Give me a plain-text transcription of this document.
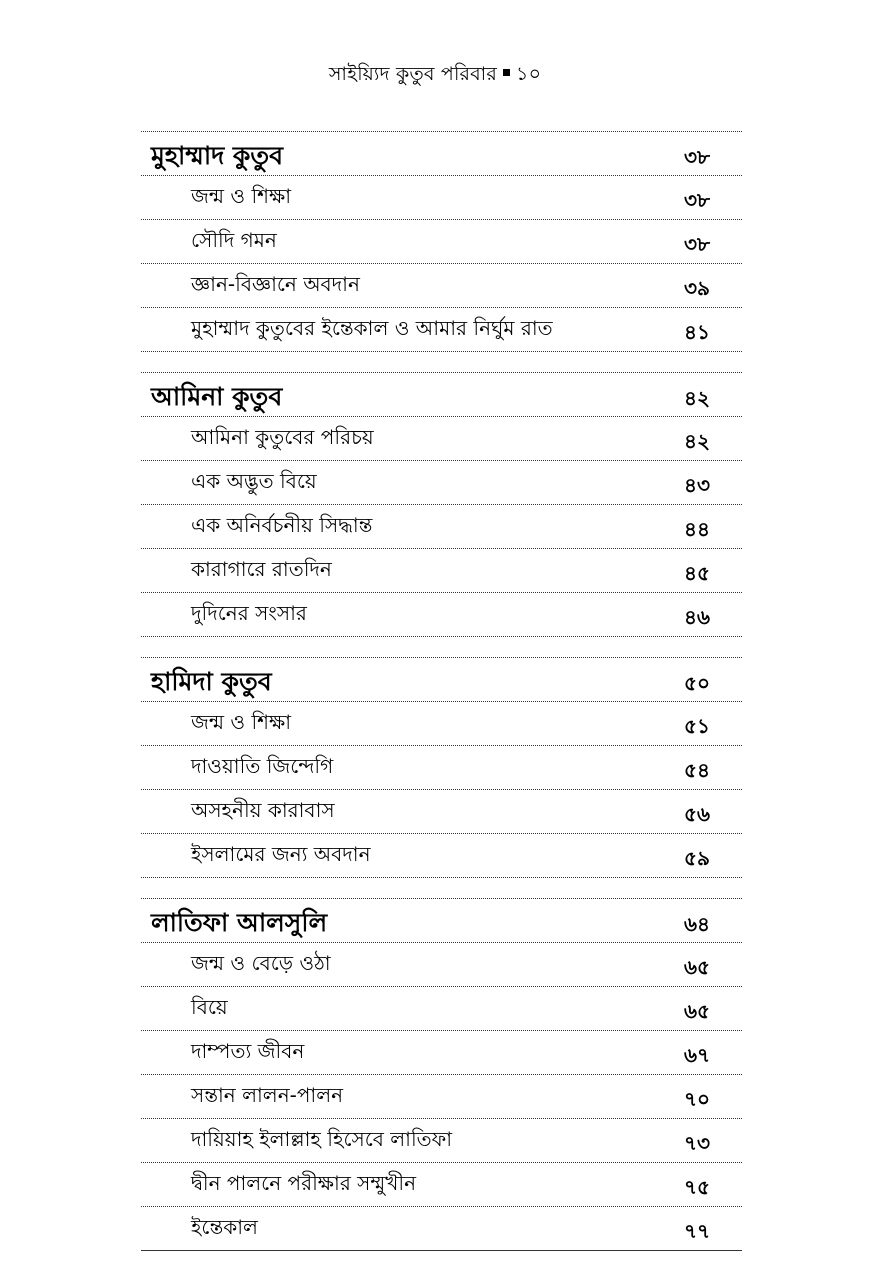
সাইয়্যিদ কুতুব পরিবার ১০
মুহাম্মাদ কুতুব	৩৮
জন্ম ও শিক্ষা	৩৮
সৌদি গমন	৩৮
জ্ঞান-বিজ্ঞানে অবদান	৩৯
মুহাম্মাদ কুতুবের ইন্তেকাল ও আমার নির্ঘুম রাত	৪১
আমিনা কুতুব	৪২
আমিনা কুতুবের পরিচয়	৪২
এক অদ্ভুত বিয়ে	৪৩
এক অনির্বচনীয় সিদ্ধান্ত	৪৪
কারাগারে রাতদিন	৪৫
দুদিনের সংসার	৪৬
হামিদা কুতুব	৫০
জন্ম ও শিক্ষা	৫১
দাওয়াতি জিন্দেগি	৫৪
অসহনীয় কারাবাস	৫৬
ইসলামের জন্য অবদান	৫৯
লাতিফা আলসুলি	৬৪
জন্ম ও বেড়ে ওঠা	৬৫
বিয়ে	৬৫
দাম্পত্য জীবন	৬৭
সন্তান লালন-পালন	৭০
দায়িয়াহ ইলাল্লাহ হিসেবে লাতিফা	৭৩
দ্বীন পালনে পরীক্ষার সম্মুখীন	৭৫
ইন্তেকাল	৭৭
